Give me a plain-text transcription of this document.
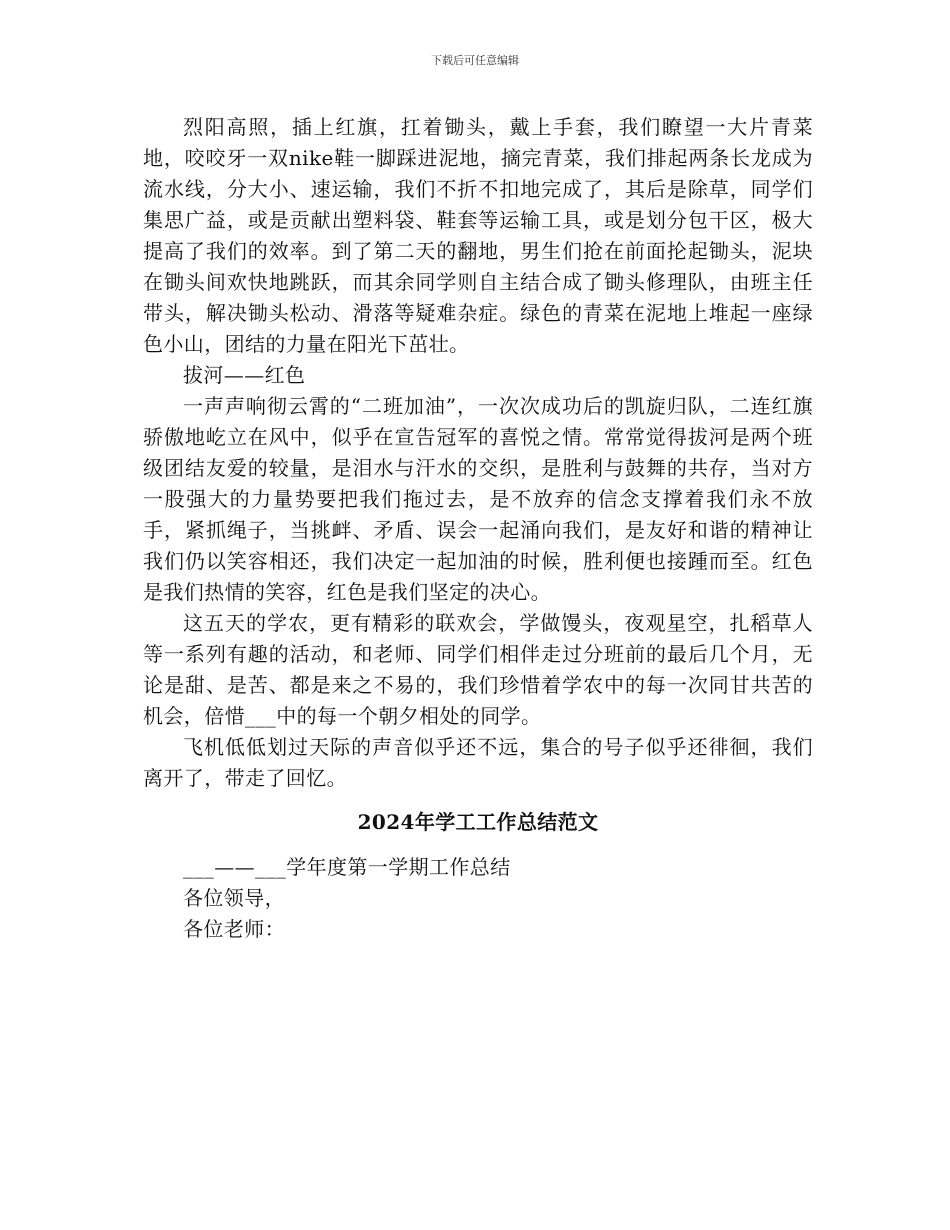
下载后可任意编辑

烈阳高照，插上红旗，扛着锄头，戴上手套，我们瞭望一大片青菜地，咬咬牙一双nike鞋一脚踩进泥地，摘完青菜，我们排起两条长龙成为流水线，分大小、速运输，我们不折不扣地完成了，其后是除草，同学们集思广益，或是贡献出塑料袋、鞋套等运输工具，或是划分包干区，极大提高了我们的效率。到了第二天的翻地，男生们抢在前面抡起锄头，泥块在锄头间欢快地跳跃，而其余同学则自主结合成了锄头修理队，由班主任带头，解决锄头松动、滑落等疑难杂症。绿色的青菜在泥地上堆起一座绿色小山，团结的力量在阳光下茁壮。

拔河——红色

一声声响彻云霄的“二班加油”，一次次成功后的凯旋归队，二连红旗骄傲地屹立在风中，似乎在宣告冠军的喜悦之情。常常觉得拔河是两个班级团结友爱的较量，是泪水与汗水的交织，是胜利与鼓舞的共存，当对方一股强大的力量势要把我们拖过去，是不放弃的信念支撑着我们永不放手，紧抓绳子，当挑衅、矛盾、误会一起涌向我们，是友好和谐的精神让我们仍以笑容相还，我们决定一起加油的时候，胜利便也接踵而至。红色是我们热情的笑容，红色是我们坚定的决心。

这五天的学农，更有精彩的联欢会，学做馒头，夜观星空，扎稻草人等一系列有趣的活动，和老师、同学们相伴走过分班前的最后几个月，无论是甜、是苦、都是来之不易的，我们珍惜着学农中的每一次同甘共苦的机会，倍惜___中的每一个朝夕相处的同学。

飞机低低划过天际的声音似乎还不远，集合的号子似乎还徘徊，我们离开了，带走了回忆。

2024年学工工作总结范文

___——___学年度第一学期工作总结

各位领导，

各位老师：
